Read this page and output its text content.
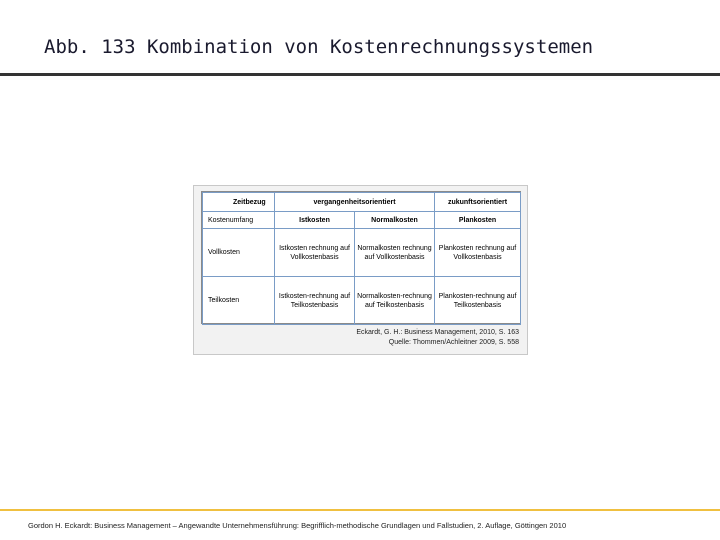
Abb. 133 Kombination von Kostenrechnungssystemen
Zeitbezug	vergangenheitsorientiert		zukunftsorientiert
Kostenumfang	Istkosten	Normalkosten	Plankosten
Vollkosten	Istkosten rechnung auf Vollkostenbasis	Normalkosten rechnung auf Vollkostenbasis	Plankosten rechnung auf Vollkostenbasis
Teilkosten	Istkosten-rechnung auf Teilkostenbasis	Normalkosten-rechnung auf Teilkostenbasis	Plankosten-rechnung auf Teilkostenbasis
Eckardt, G. H.: Business Management, 2010, S. 163
Quelle: Thommen/Achleitner 2009, S. 558
Gordon H. Eckardt: Business Management – Angewandte Unternehmensführung: Begrifflich-methodische Grundlagen und Fallstudien, 2. Auflage, Göttingen 2010
